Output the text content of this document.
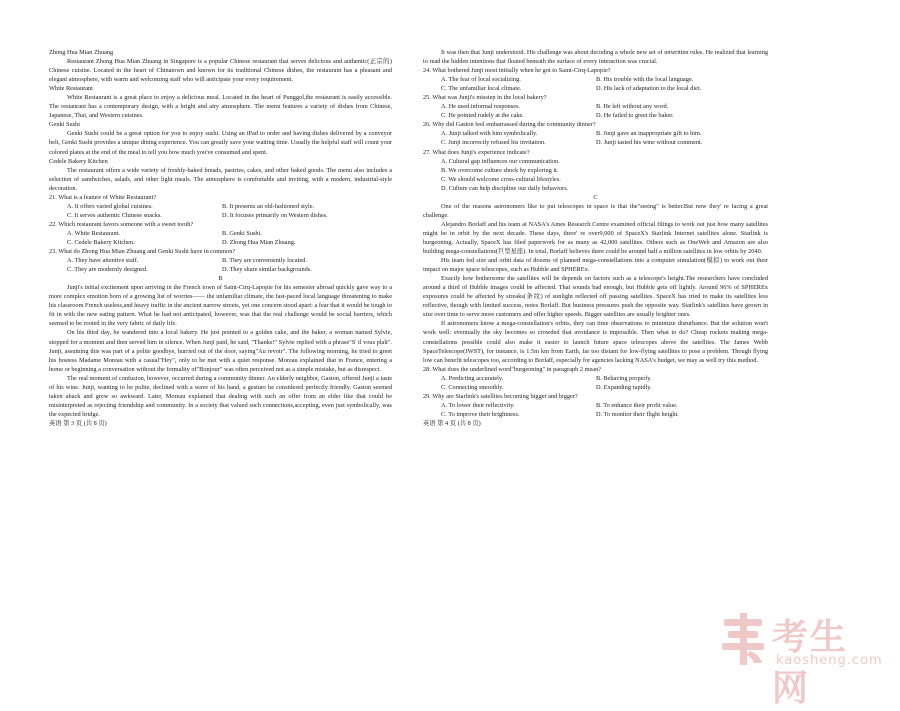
Zhong Hua Mian Zhuang

Restaurant Zhong Hua Mian Zhuang in Singapore is a popular Chinese restaurant that serves delicious and authentic(正宗的) Chinese cuisine. Located in the heart of Chinatown and known for its traditional Chinese dishes, the restaurant has a pleasant and elegant atmosphere, with warm and welcoming staff who will anticipate your every requirement.

White Restaurant

White Restaurant is a great place to enjoy a delicious meal. Located in the heart of Punggol,the restaurant is easily accessible. The restaurant has a contemporary design, with a bright and airy atmosphere. The menu features a variety of dishes from Chinese, Japanese, Thai, and Western cuisines.

Genki Sushi

Genki Sushi could be a great option for you to enjoy sushi. Using an iPad to order and having dishes delivered by a conveyor belt, Genki Sushi provides a unique dining experience. You can greatly save your waiting time. Usually the helpful staff will count your colored plates at the end of the meal to tell you how much you've consumed and spent.

Cedele Bakery Kitchen

The restaurant offers a wide variety of freshly-baked breads, pastries, cakes, and other baked goods. The menu also includes a selection of sandwiches, salads, and other light meals. The atmosphere is comfortable and inviting, with a modern, industrial-style decoration.

21. What is a feature of White Restaurant?

A. It offers varied global cuisines.	B. It presents an old-fashioned style.
C. It serves authentic Chinese snacks.	D. It focuses primarily on Western dishes.

22. Which restaurant favors someone with a sweet tooth?

A. White Restaurant.	B. Genki Sushi.
C. Cedele Bakery Kitchen.	D. Zhong Hua Mian Zhuang.

23. What do Zhong Hua Mian Zhuang and Genki Sushi have in common?

A. They have attentive staff.	B. They are conveniently located.
C. They are modernly designed.	D. They share similar backgrounds.

B

Junji's initial excitement upon arriving in the French town of Saint-Cirq-Lapopie for his semester abroad quickly gave way to a more complex emotion born of a growing list of worries—— the unfamiliar climate, the fast-paced local language threatening to make his classroom French useless,and heavy traffic in the ancient narrow streets, yet one concern stood apart: a fear that it would be tough to fit in with the new eating pattern. What he had not anticipated, however, was that the real challenge would be social barriers, which seemed to be rooted in the very fabric of daily life.

On his third day, he wandered into a local bakery. He just pointed to a golden cake, and the baker, a woman named Sylvie, stopped for a moment and then served him in silence. When Junji paid, he said, "Thanks!" Sylvie replied with a phrase"S' il vous plaît". Junji, assuming this was part of a polite goodbye, hurried out of the door, saying"Au revoir". The following morning, he tried to greet his hostess Madame Moreau with a casual"Hey", only to be met with a quiet response. Moreau explained that in France, entering a home or beginning a conversation without the formality of"Bonjour" was often perceived not as a simple mistake, but as disrespect.

The real moment of confusion, however, occurred during a community dinner. An elderly neighbor, Gaston, offered Junji a taste of his wine. Junji, wanting to be polite, declined with a wave of his hand, a gesture he considered perfectly friendly. Gaston seemed taken aback and grew so awkward. Later, Moreau explained that dealing with such an offer from an elder like that could be misinterpreted as rejecting friendship and community. In a society that valued such connections,accepting, even just symbolically, was the expected bridge.

英语 第 3 页 (共 8 页)

It was then that Junji understood. His challenge was about decoding a whole new set of unwritten rules. He realized that learning to read the hidden intentions that floated beneath the surface of every interaction was crucial.

24. What bothered Junji most initially when he got to Saint-Cirq-Lapopie?

A. The fear of local socializing.	B. His trouble with the local language.
C. The unfamiliar local climate.	D. His lack of adaptation to the local diet.

25. What was Junji's misstep in the local bakery?

A. He used informal responses.	B. He left without any word.
C. He pointed rudely at the cake.	D. He failed to greet the baker.

26. Why did Gaston feel embarrassed during the community dinner?

A. Junji talked with him symbolically.	B. Junji gave an inappropriate gift to him.
C. Junji incorrectly refused his invitation.	D. Junji tasted his wine without comment.

27. What does Junji's experience indicate?

A. Cultural gap influences our communication.

B. We overcome culture shock by exploring it.

C. We should welcome cross-cultural lifestyles.

D. Culture can help discipline our daily behaviors.

C

One of the reasons astronomers like to put telescopes in space is that the"seeing" is better.But now they' re facing a great challenge.

Alejandro Borlaff and his team at NASA's Ames Research Centre examined official filings to work out just how many satellites might be in orbit by the next decade. These days, there' re over9,000 of SpaceX's Starlink Internet satellites alone. Starlink is burgeoning. Actually, SpaceX has filed paperwork for as many as 42,000 satellites. Others such as OneWeb and Amazon are also building mega-constellations(巨型星座). In total, Borlaff believes there could be around half a million satellites in low orbits by 2040.

His team fed size and orbit data of dozens of planned mega-constellations into a computer simulation(模拟) to work out their impact on major space telescopes, such as Hubble and SPHEREx.

Exactly how bothersome the satellites will be depends on factors such as a telescope's height.The researchers have concluded around a third of Hubble images could be affected. That sounds bad enough, but Hubble gets off lightly. Around 96% of SPHEREx exposures could be affected by streaks(条纹) of sunlight reflected off passing satellites. SpaceX has tried to make its satellites less reflective, though with limited success, notes Borlaff. But business pressures push the opposite way. Starlink's satellites have grown in size over time to serve more customers and offer higher speeds. Bigger satellites are usually brighter ones.

If astronomers know a mega-constellation's orbits, they can time observations to minimize disturbance. But the solution won't work well: eventually the sky becomes so crowded that avoidance is impossible. Then what to do? Cheap rockets making mega-constellations possible could also make it easier to launch future space telescopes above the satellites. The James Webb SpaceTelescope(JWST), for instance, is 1.5m km from Earth, far too distant for low-flying satellites to pose a problem. Though flying low can benefit telescopes too, according to Borlaff, especially for agencies lacking NASA's budget, we may as well try this method.

28. What does the underlined word"burgeoning" in paragraph 2 mean?

A. Predicting accurately.	B. Behaving properly.
C. Connecting smoothly.	D. Expanding rapidly.

29. Why are Starlink's satellites becoming bigger and bigger?

A. To lower their reflectivity.	B. To enhance their profit value.
C. To improve their brightness.	D. To monitor their flight height.

英语 第 4 页 (共 8 页)

考生网
kaosheng.com
